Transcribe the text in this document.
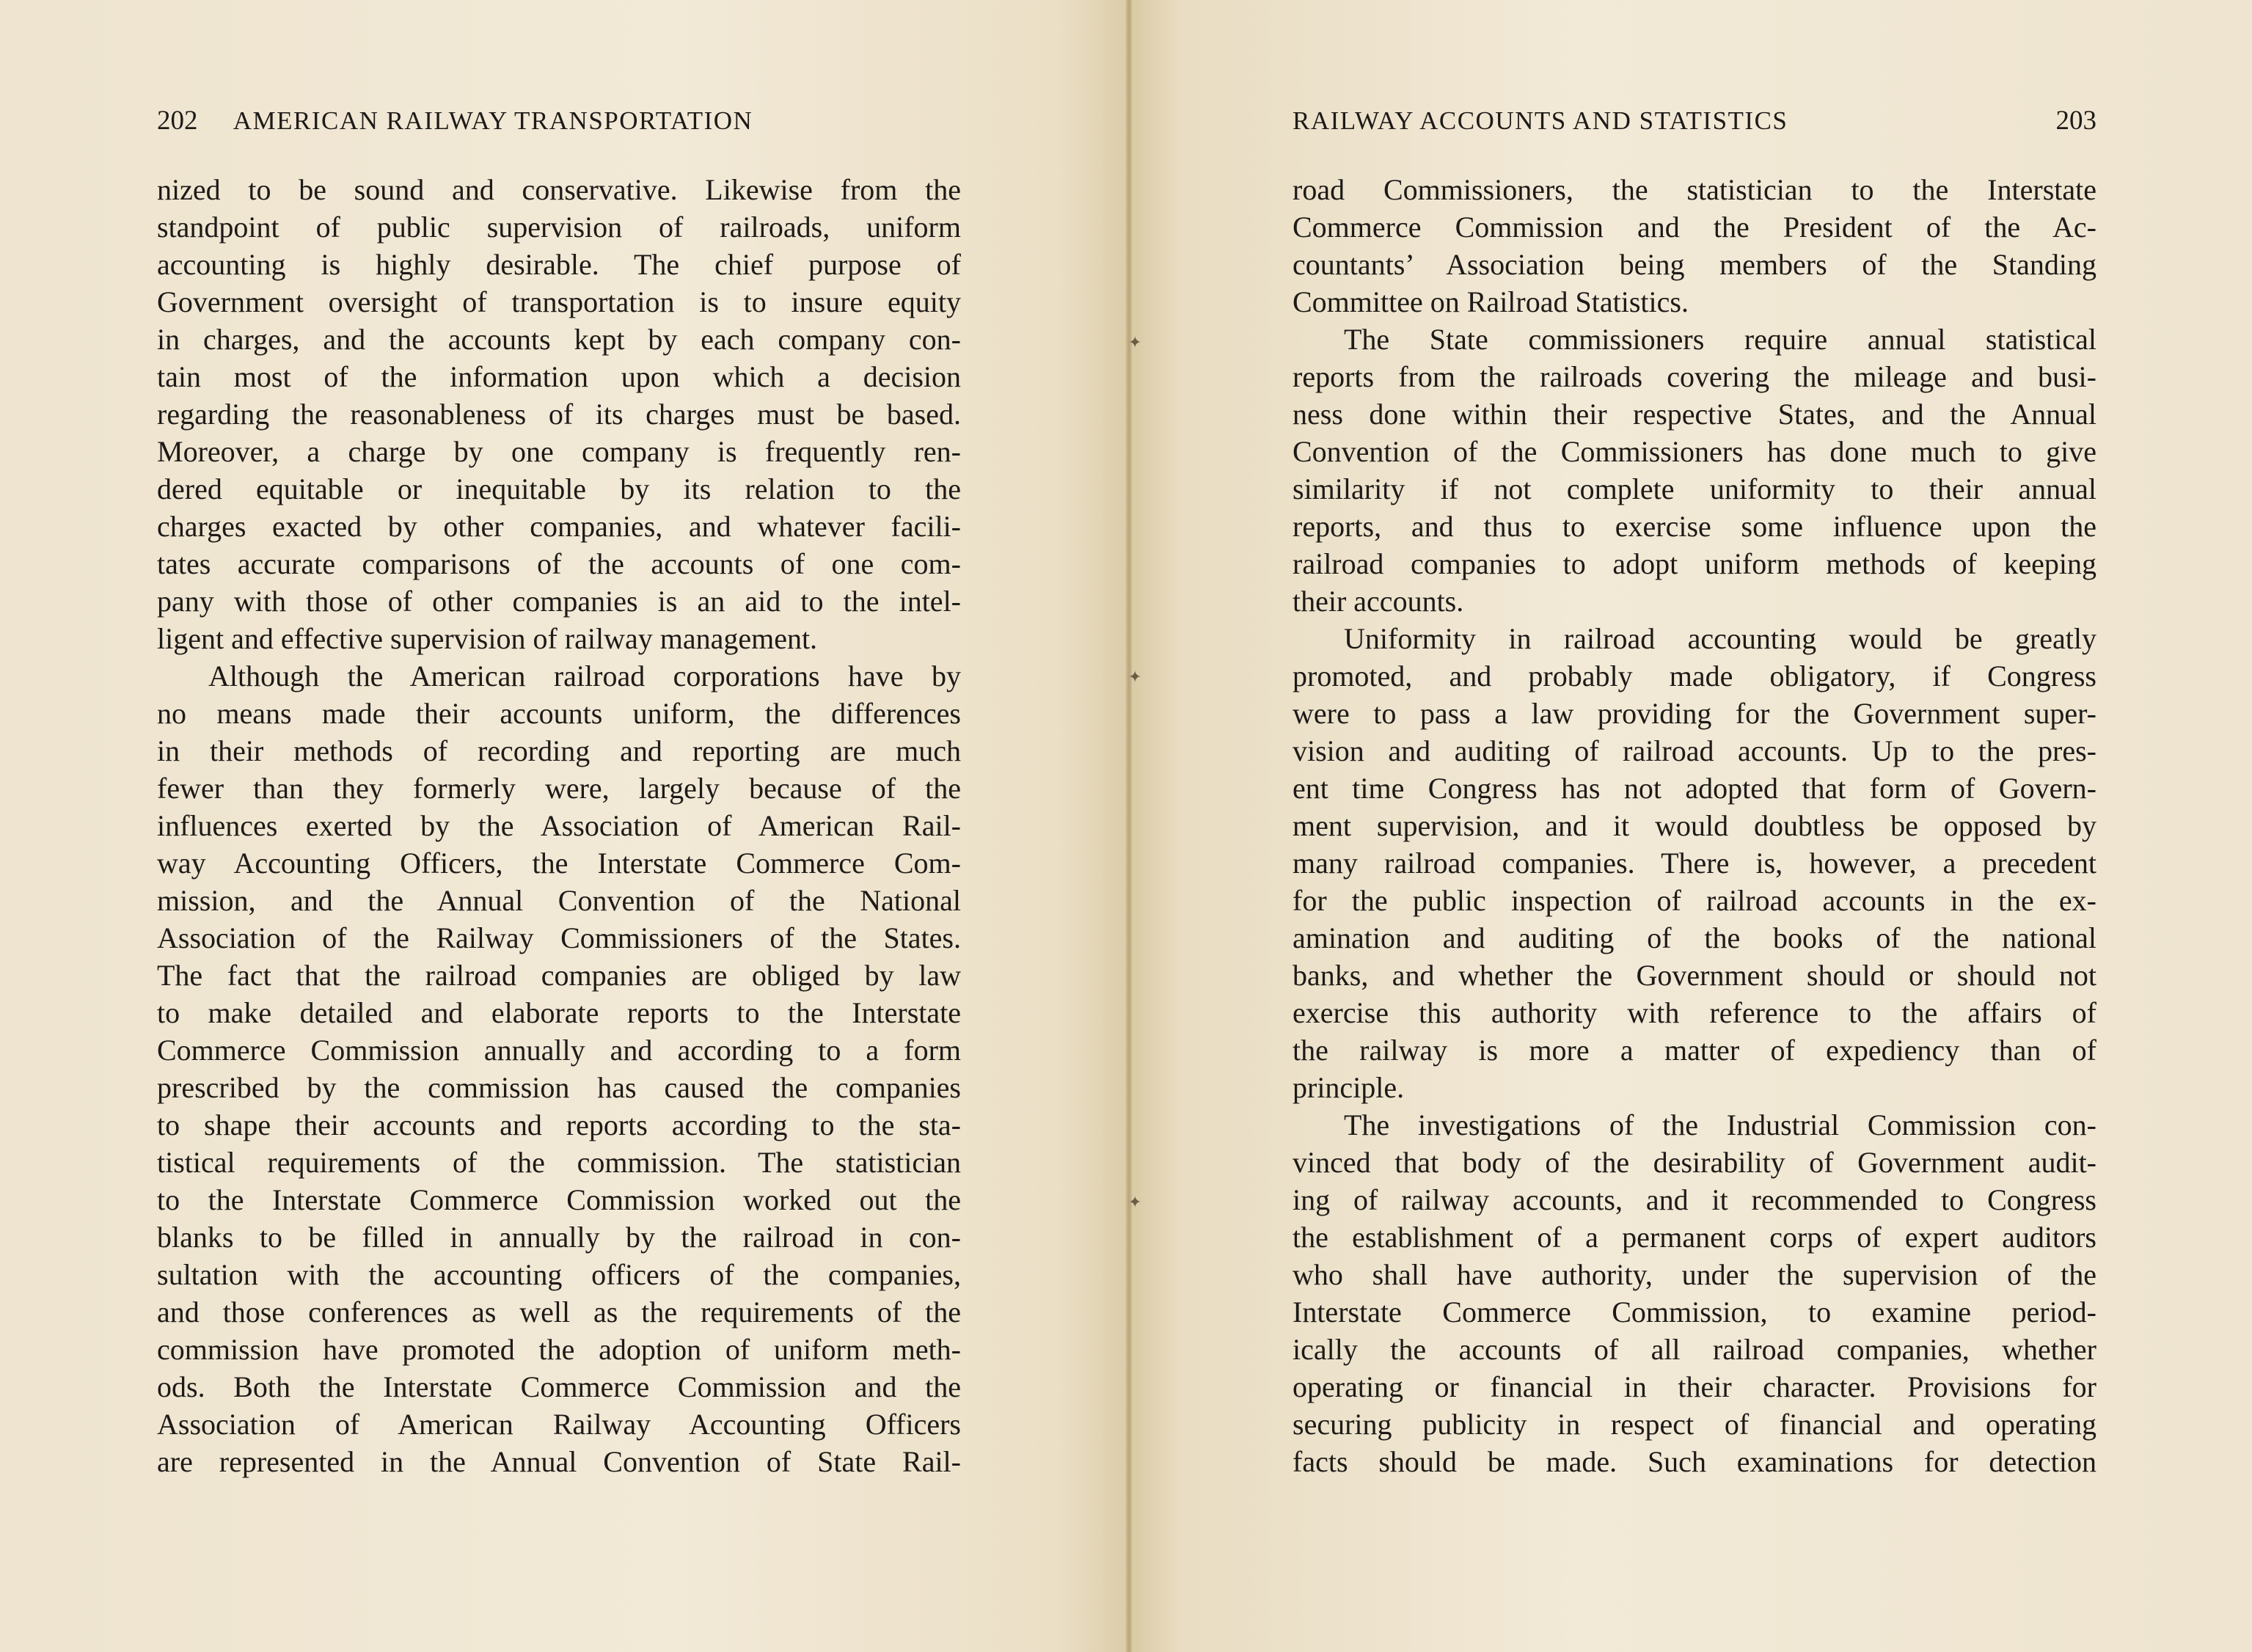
202 AMERICAN RAILWAY TRANSPORTATION
nized to be sound and conservative. Likewise from the
standpoint of public supervision of railroads, uniform
accounting is highly desirable. The chief purpose of
Government oversight of transportation is to insure equity
in charges, and the accounts kept by each company con-
tain most of the information upon which a decision
regarding the reasonableness of its charges must be based.
Moreover, a charge by one company is frequently ren-
dered equitable or inequitable by its relation to the
charges exacted by other companies, and whatever facili-
tates accurate comparisons of the accounts of one com-
pany with those of other companies is an aid to the intel-
ligent and effective supervision of railway management.
Although the American railroad corporations have by
no means made their accounts uniform, the differences
in their methods of recording and reporting are much
fewer than they formerly were, largely because of the
influences exerted by the Association of American Rail-
way Accounting Officers, the Interstate Commerce Com-
mission, and the Annual Convention of the National
Association of the Railway Commissioners of the States.
The fact that the railroad companies are obliged by law
to make detailed and elaborate reports to the Interstate
Commerce Commission annually and according to a form
prescribed by the commission has caused the companies
to shape their accounts and reports according to the sta-
tistical requirements of the commission. The statistician
to the Interstate Commerce Commission worked out the
blanks to be filled in annually by the railroad in con-
sultation with the accounting officers of the companies,
and those conferences as well as the requirements of the
commission have promoted the adoption of uniform meth-
ods. Both the Interstate Commerce Commission and the
Association of American Railway Accounting Officers
are represented in the Annual Convention of State Rail-
RAILWAY ACCOUNTS AND STATISTICS	203
road Commissioners, the statistician to the Interstate
Commerce Commission and the President of the Ac-
countants’ Association being members of the Standing
Committee on Railroad Statistics.
The State commissioners require annual statistical
reports from the railroads covering the mileage and busi-
ness done within their respective States, and the Annual
Convention of the Commissioners has done much to give
similarity if not complete uniformity to their annual
reports, and thus to exercise some influence upon the
railroad companies to adopt uniform methods of keeping
their accounts.
Uniformity in railroad accounting would be greatly
promoted, and probably made obligatory, if Congress
were to pass a law providing for the Government super-
vision and auditing of railroad accounts. Up to the pres-
ent time Congress has not adopted that form of Govern-
ment supervision, and it would doubtless be opposed by
many railroad companies. There is, however, a precedent
for the public inspection of railroad accounts in the ex-
amination and auditing of the books of the national
banks, and whether the Government should or should not
exercise this authority with reference to the affairs of
the railway is more a matter of expediency than of
principle.
The investigations of the Industrial Commission con-
vinced that body of the desirability of Government audit-
ing of railway accounts, and it recommended to Congress
the establishment of a permanent corps of expert auditors
who shall have authority, under the supervision of the
Interstate Commerce Commission, to examine period-
ically the accounts of all railroad companies, whether
operating or financial in their character. Provisions for
securing publicity in respect of financial and operating
facts should be made. Such examinations for detection
✦
✦
✦
